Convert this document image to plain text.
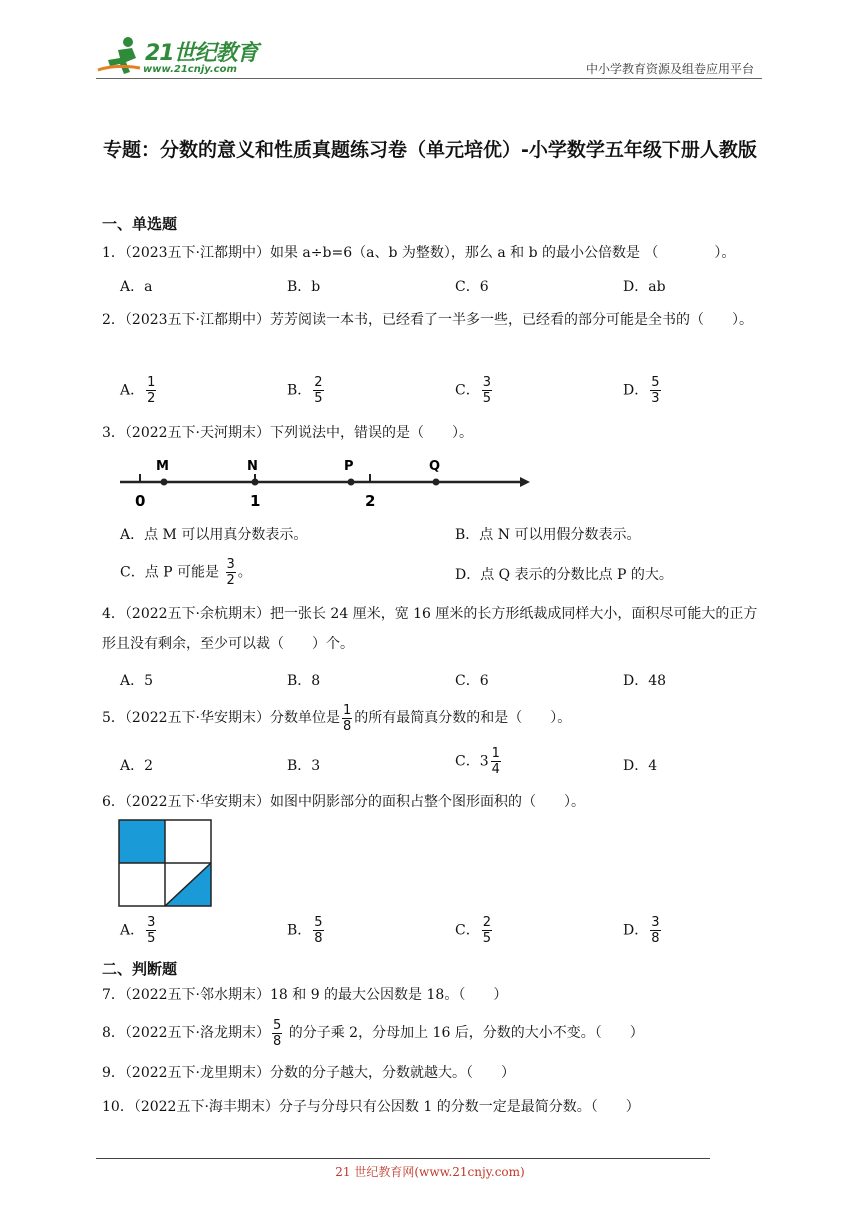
21世纪教育
www.21cnjy.com	中小学教育资源及组卷应用平台
专题：分数的意义和性质真题练习卷（单元培优）-小学数学五年级下册人教版
一、单选题
1．（2023五下·江都期中）如果 a÷b=6（a、b 为整数），那么 a 和 b 的最小公倍数是 （　　　　）。
A．a	B．b	C．6	D．ab
2．（2023五下·江都期中）芳芳阅读一本书，已经看了一半多一些，已经看的部分可能是全书的（　　）。
A． $\frac{1}{2}$	B． $\frac{2}{5}$	C． $\frac{3}{5}$	D． $\frac{5}{3}$
3．（2022五下·天河期末）下列说法中，错误的是（　　）。
M	N	P	Q
0	1	2
A．点 M 可以用真分数表示。	B．点 N 可以用假分数表示。
C．点 P 可能是 $\frac{3}{2}$ 。	D．点 Q 表示的分数比点 P 的大。
4．（2022五下·余杭期末）把一张长 24 厘米，宽 16 厘米的长方形纸裁成同样大小，面积尽可能大的正方形且没有剩余，至少可以裁（　　）个。
A．5	B．8	C．6	D．48
5．（2022五下·华安期末）分数单位是 $\frac{1}{8}$ 的所有最简真分数的和是（　　）。
A．2	B．3	C．$3 \frac{1}{4}$	D．4
6．（2022五下·华安期末）如图中阴影部分的面积占整个图形面积的（　　）。
A． $\frac{3}{5}$	B． $\frac{5}{8}$	C． $\frac{2}{5}$	D． $\frac{3}{8}$
二、判断题
7．（2022五下·邻水期末）18 和 9 的最大公因数是 18。（　　）
8．（2022五下·洛龙期末） $\frac{5}{8}$ 的分子乘 2，分母加上 16 后，分数的大小不变。（　　）
9．（2022五下·龙里期末）分数的分子越大，分数就越大。（　　）
10．（2022五下·海丰期末）分子与分母只有公因数 1 的分数一定是最简分数。（　　）
21 世纪教育网(www.21cnjy.com)
